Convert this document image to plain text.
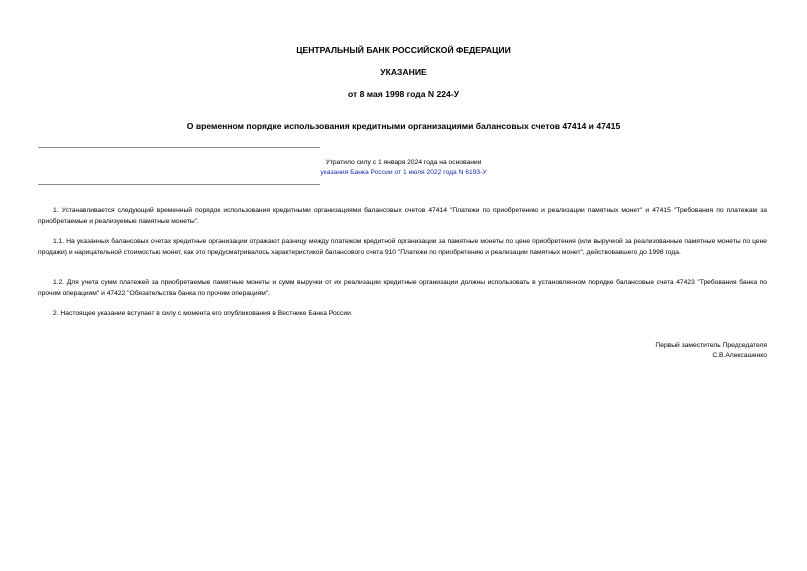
ЦЕНТРАЛЬНЫЙ БАНК РОССИЙСКОЙ ФЕДЕРАЦИИ
УКАЗАНИЕ
от 8 мая 1998 года N 224-У
О временном порядке использования кредитными организациями балансовых счетов 47414 и 47415
Утратило силу с 1 января 2024 года на основании
указания Банка России от 1 июля 2022 года N 6193-У
1. Устанавливается следующий временный порядок использования кредитными организациями балансовых счетов 47414 "Платежи по приобретению и реализации памятных монет" и 47415 "Требования по платежам за приобретаемые и реализуемые памятные монеты".
1.1. На указанных балансовых счетах кредитные организации отражают разницу между платежом кредитной организации за памятные монеты по цене приобретения (или выручкой за реализованные памятные монеты по цене продажи) и нарицательной стоимостью монет, как это предусматривалось характеристикой балансового счета 910 "Платежи по приобретению и реализации памятных монет", действовавшего до 1998 года.
1.2. Для учета сумм платежей за приобретаемые памятные монеты и сумм выручки от их реализации кредитные организации должны использовать в установленном порядке балансовые счета 47423 "Требования банка по прочим операциям" и 47422 "Обязательства банка по прочим операциям".
2. Настоящее указание вступает в силу с момента его опубликования в Вестнике Банка России.
Первый заместитель Председателя
С.В.Алексашенко
